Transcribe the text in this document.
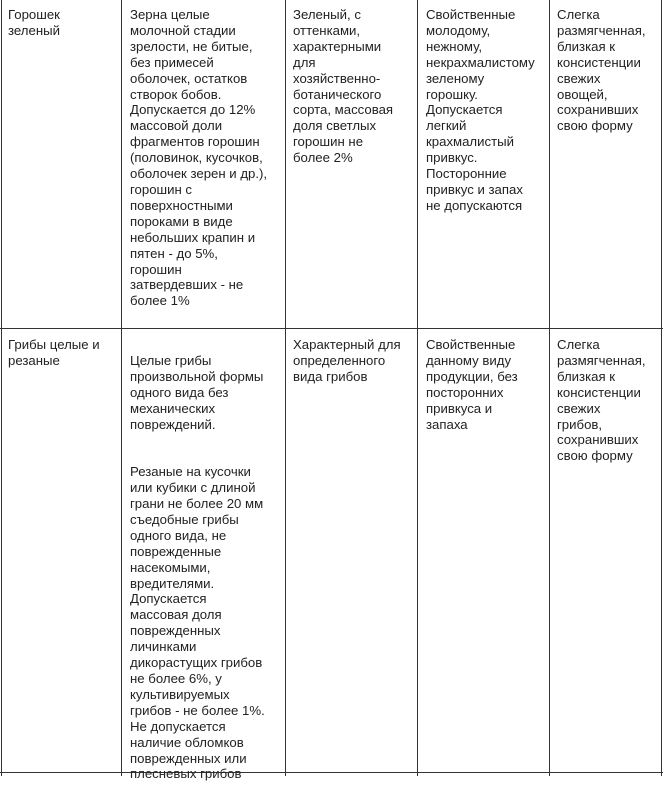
Горошек
зеленый
Зерна целые
молочной стадии
зрелости, не битые,
без примесей
оболочек, остатков
створок бобов.
Допускается до 12%
массовой доли
фрагментов горошин
(половинок, кусочков,
оболочек зерен и др.),
горошин с
поверхностными
пороками в виде
небольших крапин и
пятен - до 5%,
горошин
затвердевших - не
более 1%
Зеленый, с
оттенками,
характерными
для
хозяйственно-
ботанического
сорта, массовая
доля светлых
горошин не
более 2%
Свойственные
молодому,
нежному,
некрахмалистому
зеленому
горошку.
Допускается
легкий
крахмалистый
привкус.
Посторонние
привкус и запах
не допускаются
Слегка
размягченная,
близкая к
консистенции
свежих
овощей,
сохранивших
свою форму
Грибы целые и
резаные	Целые грибы
произвольной формы
одного вида без
механических
повреждений.

Резаные на кусочки
или кубики с длиной
грани не более 20 мм
съедобные грибы
одного вида, не
поврежденные
насекомыми,
вредителями.
Допускается
массовая доля
поврежденных
личинками
дикорастущих грибов
не более 6%, у
культивируемых
грибов - не более 1%.
Не допускается
наличие обломков
поврежденных или
плесневых грибов

Характерный для
определенного
вида грибов
Свойственные
данному виду
продукции, без
посторонних
привкуса и
запаха
Слегка
размягченная,
близкая к
консистенции
свежих
грибов,
сохранивших
свою форму
